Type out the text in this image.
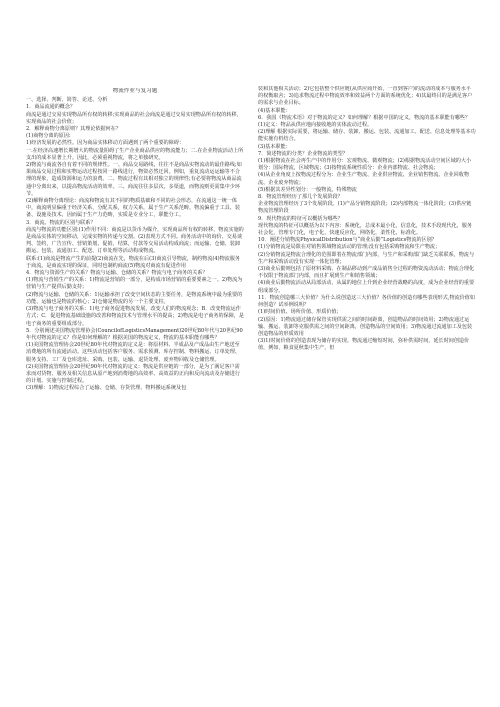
物流作业与复习题

一、选择、判断、简答、论述、分析

1．商品流通的概念？

商流是通过交易实现物品所有权的转移;实现商品的社会商流是通过交易实现物品所有权的转移，实现商品的社会价值；

2．解释商物分离原则？其理论依据何在？

(1)商物分离的原因:

1)经济发展的必然性。因为商品实体移动方面遇到了两个重要的障碍：

一.在经济高速增长期增大的物流量阻碍了生产企业商品供应的物流能力；二.在企业物流活动上所支出的成本显著上升。因此，必须重视物流，将之单独研究。

2)物流与商流各自有着不同的规律性。一、商品交易路线，往往不是商品实物流动的最佳路线;如果商品交易过程和实物运动过程按同一路线进行，物资必然迂回。例如，重复流动运运输等不合理的现象，造成资源和运力的浪费。二、物流过程有其相对独立的规律性;有必要将物流从商品流通中分离出来，以提高物流活动的效率。三、商流往往多层次，多渠道，而物流则更需集中少环节。

(2)解释商物分离理论：商流和物流有其不同的物质基础和不同的社会形态，在流通这一统一体中，商流明显偏重于经济关系，分配关系，权力关系，属于生产关系范畴。物流偏重于工具、装备、设施及技术，因而属于生产力范畴，实质是专业分工，职能分工。

3．商流、物流的区别与联系？

商流与物流的功能区别:(1)作用不同：商流是以货币为媒介，实现商品所有权的转移，物流实施的是商品实体的空间移动，完成实物的传递与交割。(2)表现方式不同。商务活动中的询价、交易谈判、签约，广告宣传、营销策划、促销，结算，付款等交易活动构成商流；而运输、仓储、装卸搬运、包装、流通加工、配送、订单处理等活动构成物流。

联系:(1)商流是物流产生的前提(2)商流在先，物流在后(3)商流引导物流，制约物流(4)物流服务于商流，是商流实现的保证，同时也制约商流(5)物流对商流有促进作用

4．物流与资源生产的关系？物流与运输、仓储的关系？物流与电子商务的关系？

(1)物流与营销生产的关系：1)物流是营销的一部分，是构成市场营销的重要要素之一。2)物流为营销与生产提供后勤支持；

(2)物流与运输、仓储的关系：1)运输承担了改变空间状态的主要任务，是物流系统中最为重要的功能，运输也是物流的核心；2)仓储是物流的另一个主要支柱。

(3)物流与电子商务的关系：1)电子商务促进物流发展，改变人们的物流观念；B．改变物流运作方式；C．促进物流基础设施的改善和物流技术与管理水平的提高；2)物流是电子商务的保障，是电子商务的重要组成部分。

5．分别阐述美国物流管理协会(CouncilofLogisticsManagement)20世纪80年代与20世纪90年代对物流的定义？你是如何理解的？根据美国的物流定义，物流的基本职能有哪些？

(1)美国物流管理协会20世纪80年代对物流的定义是：将原材料、半成品及产成品由生产地送至消费地的所有流通活动。这些活动包括客户服务、需求预测、库存控制、物料搬运、订单处理、服务支持、工厂及仓库选址、采购、包装、运输、退货处理、废弃物回收及仓储管理。

(2)美国物流管理协会20世纪90年代对物流的定义：物流是供应链的一部分，是为了满足客户需求而对货物、服务及相关信息从原产地到消费地的高效率、高效益的正向和反向流动及存储进行的计划、实施与控制过程。

(3)理解：1)物流过程综合了运输、仓储、存货管理、物料搬运系统及包

装和其他相关活动；2)它包括整个供应链(从供应商开始，一直到客户)的流动的成本与服务水平的权衡取舍；3)追求物流过程中物流效率和效益两个方面的系统优化；4)其最终目的是满足客户的需求与企业目标。

(4)基本职能：

6．我国《物流术语》对于物流的定义？如何理解？根据中国的定义，物流的基本职能有哪些？

(1)定义：物品从供应地向接收地的实体流动过程。

(2)理解 根据实际需要，将运输、储存、装卸、搬运、包装、流通加工、配送、信息处理等基本功能实施有机结合。

(3)基本职能：

7．简述物流的分类？企业物流的类型？

(1)根据物流在社会再生产中的作用分：宏观物流、微观物流；(2)根据物流活动空间区域的大小划分：国际物流，区域物流；(3)按物流系统性质分：企业内部物流、社会物流；

(4)从企业角度上按物流过程分为：企业生产物流、企业供应物流、企业销售物流、企业回收物流、企业废弃物流；

(5)根据其差异性划分：一般物流，特殊物流

8．物流管理经历了那几个发展阶段？

企业物流管理经历了3个发展阶段。(1)产品分销物流阶段；(2)内部物流一体化阶段；(3)供应链物流管理阶段

9．现代物流的特征可以概括为哪些？

现代物流的特征可以概括为以下内容：系统化，总成本最小化，信息化，技术手段现代化，服务社会化，管理专门化，电子化，快速反应化，网络化，柔性化，标准化。

10．阐述分销物流PhysicalDistribution与“商业后勤”Logistics物流的区别？

(1)分销物流是局限在对销售领域物流活动的管理;没有包括采购物流和生产物流；

(2)分销物流是物流合理化的范围即着在物流部门内部，与生产和采购部门缺乏关联联系，物流与生产和采购活动没有实现一体化管理；

(3)商业后勤则包括了原材料采购、在制品移动到产成品销售全过程的物资流动活动；物流合理化不仅限于物流部门内部，而且扩展到生产和销售领域；

(4)商业后勤物流活动从局部活动，从属的地位上升到企业经营战略的高度，成为企业经营的重要组成部分。

11．物流创造哪三大价值？为什么说创造这三大价值？各价值的创造有哪些表现形式,物流价值如何创造？试举例说明？

(1)时间价值、场所价值、形质价值；

(2)原因：1)物流通过储存保管实现供需之间的时间距离，创造物品的时间效用；2)物流通过运输、搬运、装卸等克服供需之间的空间距离，创造物品的空间效用；3)物流通过流通加工及包装创造物品的形质效用

(3)1)时间价值的创造表现为储存的实现。物流通过缩短时间，弥补供需时间，延长时间创造价值，例如，粮食夏秋集中生产，但
